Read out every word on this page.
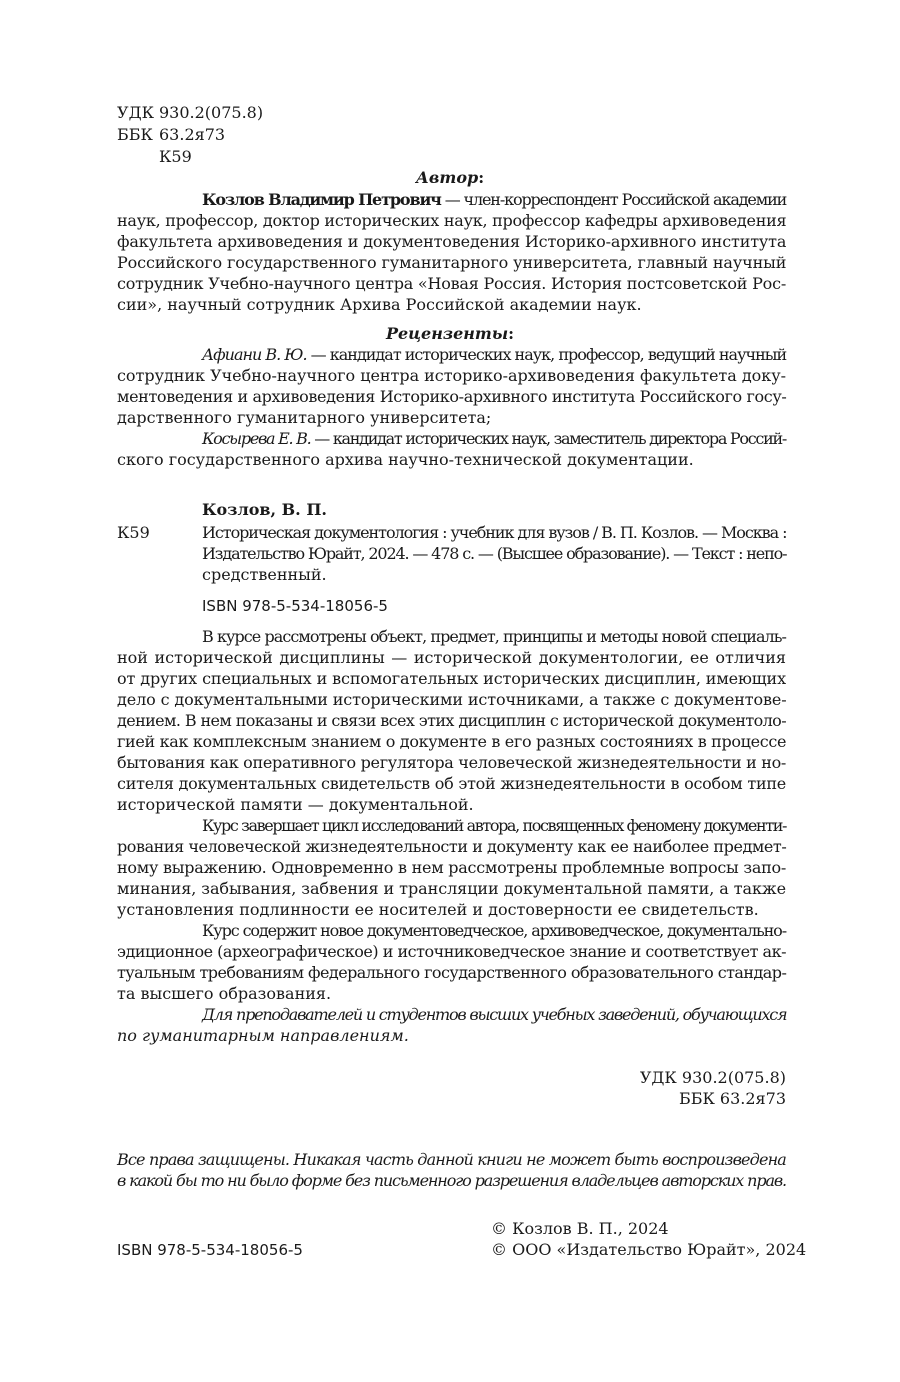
УДК 930.2(075.8)
ББК 63.2я73
К59
Автор:
Козлов Владимир Петрович — член-корреспондент Российской академии
наук, профессор, доктор исторических наук, профессор кафедры архивоведения
факультета архивоведения и документоведения Историко-архивного института
Российского государственного гуманитарного университета, главный научный
сотрудник Учебно-научного центра «Новая Россия. История постсоветской Рос-
сии», научный сотрудник Архива Российской академии наук.
Рецензенты:
Афиани В. Ю. — кандидат исторических наук, профессор, ведущий научный
сотрудник Учебно-научного центра историко-архивоведения факультета доку-
ментоведения и архивоведения Историко-архивного института Российского госу-
дарственного гуманитарного университета;
Косырева Е. В. — кандидат исторических наук, заместитель директора Россий-
ского государственного архива научно-технической документации.
Козлов, В. П.
К59	Историческая документология : учебник для вузов / В. П. Козлов. — Москва :
Издательство Юрайт, 2024. — 478 с. — (Высшее образование). — Текст : непо-
средственный.
ISBN 978-5-534-18056-5
В курсе рассмотрены объект, предмет, принципы и методы новой специаль-
ной исторической дисциплины — исторической документологии, ее отличия
от других специальных и вспомогательных исторических дисциплин, имеющих
дело с документальными историческими источниками, а также с документове-
дением. В нем показаны и связи всех этих дисциплин с исторической документоло-
гией как комплексным знанием о документе в его разных состояниях в процессе
бытования как оперативного регулятора человеческой жизнедеятельности и но-
сителя документальных свидетельств об этой жизнедеятельности в особом типе
исторической памяти — документальной.
Курс завершает цикл исследований автора, посвященных феномену документи-
рования человеческой жизнедеятельности и документу как ее наиболее предмет-
ному выражению. Одновременно в нем рассмотрены проблемные вопросы запо-
минания, забывания, забвения и трансляции документальной памяти, а также
установления подлинности ее носителей и достоверности ее свидетельств.
Курс содержит новое документоведческое, архивоведческое, документально-
эдиционное (археографическое) и источниковедческое знание и соответствует ак-
туальным требованиям федерального государственного образовательного стандар-
та высшего образования.
Для преподавателей и студентов высших учебных заведений, обучающихся
по гуманитарным направлениям.
УДК 930.2(075.8)
ББК 63.2я73
Все права защищены. Никакая часть данной книги не может быть воспроизведена
в какой бы то ни было форме без письменного разрешения владельцев авторских прав.
© Козлов В. П., 2024
ISBN 978-5-534-18056-5	© ООО «Издательство Юрайт», 2024
